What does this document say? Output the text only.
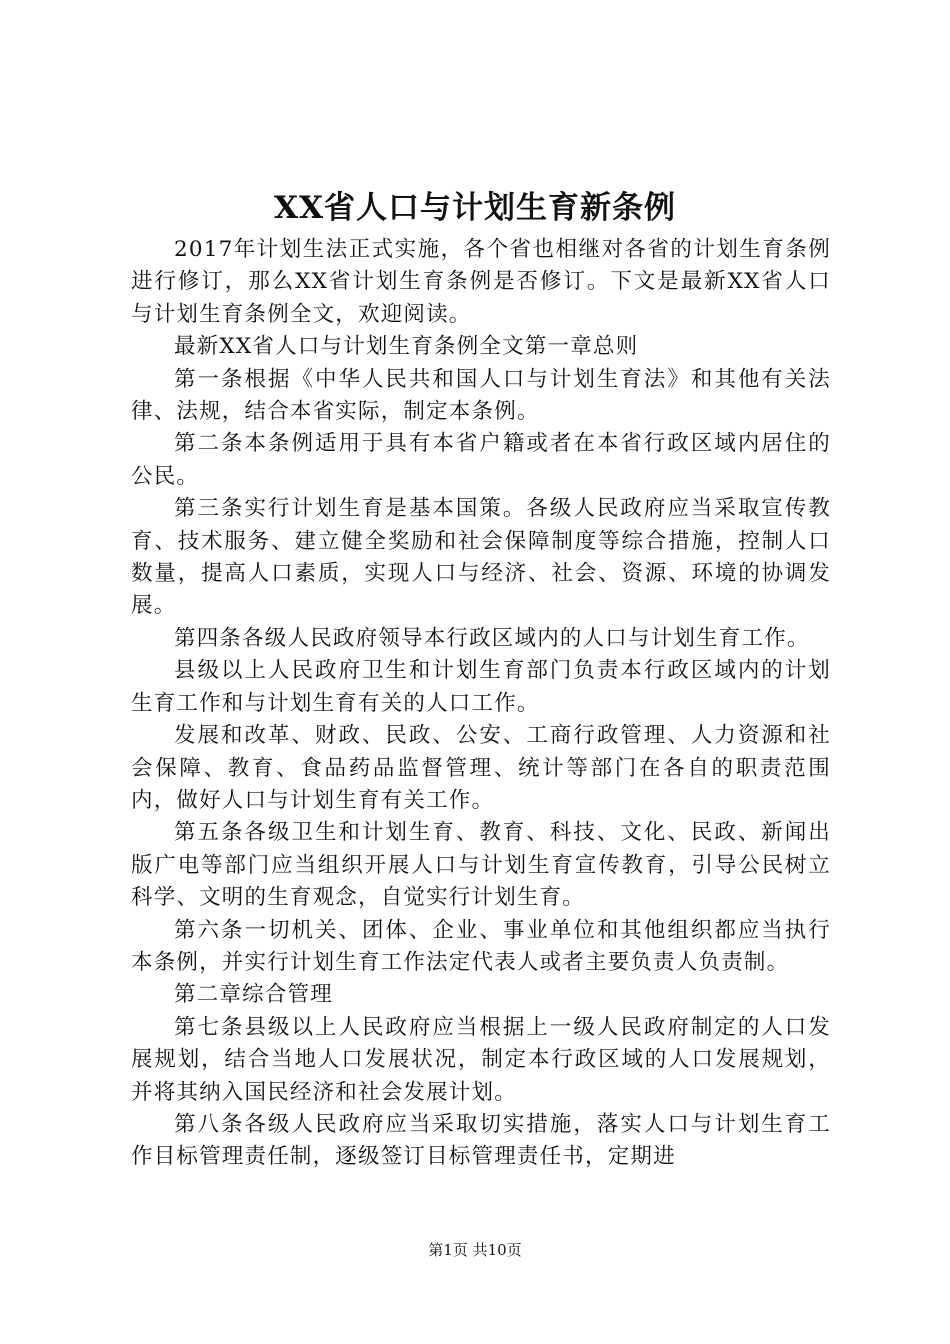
XX省人口与计划生育新条例

2017年计划生法正式实施，各个省也相继对各省的计划生育条例进行修订，那么XX省计划生育条例是否修订。下文是最新XX省人口与计划生育条例全文，欢迎阅读。

最新XX省人口与计划生育条例全文第一章总则

第一条根据《中华人民共和国人口与计划生育法》和其他有关法律、法规，结合本省实际，制定本条例。

第二条本条例适用于具有本省户籍或者在本省行政区域内居住的公民。

第三条实行计划生育是基本国策。各级人民政府应当采取宣传教育、技术服务、建立健全奖励和社会保障制度等综合措施，控制人口数量，提高人口素质，实现人口与经济、社会、资源、环境的协调发展。

第四条各级人民政府领导本行政区域内的人口与计划生育工作。

县级以上人民政府卫生和计划生育部门负责本行政区域内的计划生育工作和与计划生育有关的人口工作。

发展和改革、财政、民政、公安、工商行政管理、人力资源和社会保障、教育、食品药品监督管理、统计等部门在各自的职责范围内，做好人口与计划生育有关工作。

第五条各级卫生和计划生育、教育、科技、文化、民政、新闻出版广电等部门应当组织开展人口与计划生育宣传教育，引导公民树立科学、文明的生育观念，自觉实行计划生育。

第六条一切机关、团体、企业、事业单位和其他组织都应当执行本条例，并实行计划生育工作法定代表人或者主要负责人负责制。

第二章综合管理

第七条县级以上人民政府应当根据上一级人民政府制定的人口发展规划，结合当地人口发展状况，制定本行政区域的人口发展规划，并将其纳入国民经济和社会发展计划。

第八条各级人民政府应当采取切实措施，落实人口与计划生育工作目标管理责任制，逐级签订目标管理责任书，定期进

第1页 共10页
